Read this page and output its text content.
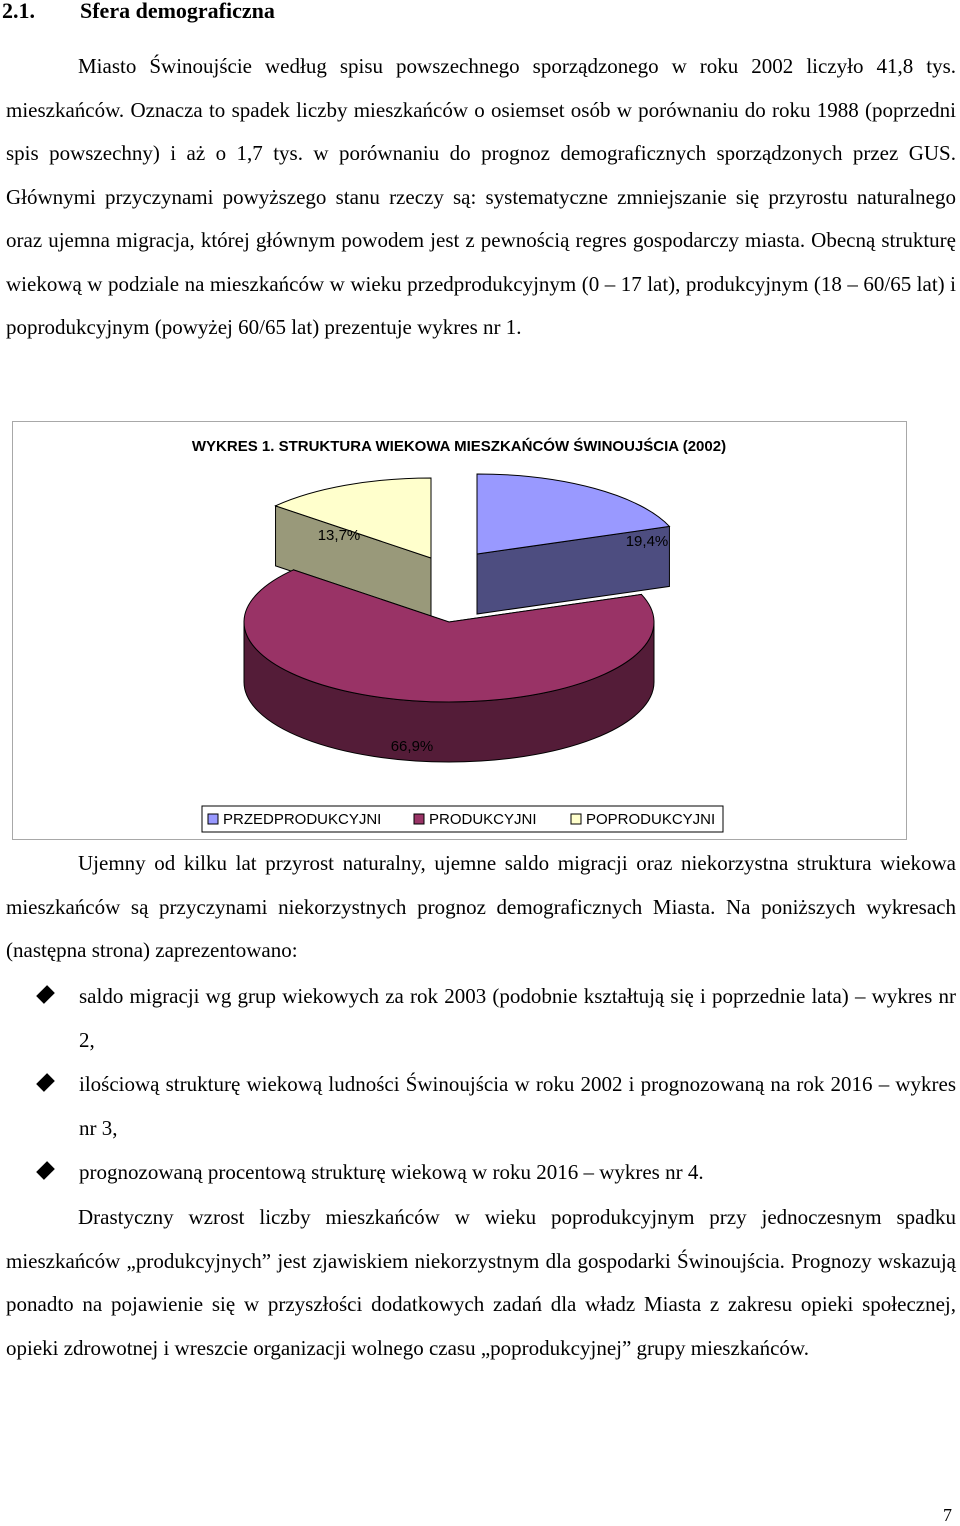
2.1. Sfera demograficzna

Miasto Świnoujście według spisu powszechnego sporządzonego w roku 2002 liczyło 41,8 tys. mieszkańców. Oznacza to spadek liczby mieszkańców o osiemset osób w porównaniu do roku 1988 (poprzedni spis powszechny) i aż o 1,7 tys. w porównaniu do prognoz demograficznych sporządzonych przez GUS. Głównymi przyczynami powyższego stanu rzeczy są: systematyczne zmniejszanie się przyrostu naturalnego oraz ujemna migracja, której głównym powodem jest z pewnością regres gospodarczy miasta. Obecną strukturę wiekową w podziale na mieszkańców w wieku przedprodukcyjnym (0 – 17 lat), produkcyjnym (18 – 60/65 lat) i poprodukcyjnym (powyżej 60/65 lat) prezentuje wykres nr 1.

WYKRES 1. STRUKTURA WIEKOWA MIESZKAŃCÓW ŚWINOUJŚCIA (2002)
19,4%
66,9%
13,7%
PRZEDPRODUKCYJNI	PRODUKCYJNI	POPRODUKCYJNI

Ujemny od kilku lat przyrost naturalny, ujemne saldo migracji oraz niekorzystna struktura wiekowa mieszkańców są przyczynami niekorzystnych prognoz demograficznych Miasta. Na poniższych wykresach (następna strona) zaprezentowano:

saldo migracji wg grup wiekowych za rok 2003 (podobnie kształtują się i poprzednie lata) – wykres nr 2,
ilościową strukturę wiekową ludności Świnoujścia w roku 2002 i prognozowaną na rok 2016 – wykres nr 3,
prognozowaną procentową strukturę wiekową w roku 2016 – wykres nr 4.

Drastyczny wzrost liczby mieszkańców w wieku poprodukcyjnym przy jednoczesnym spadku mieszkańców „produkcyjnych” jest zjawiskiem niekorzystnym dla gospodarki Świnoujścia. Prognozy wskazują ponadto na pojawienie się w przyszłości dodatkowych zadań dla władz Miasta z zakresu opieki społecznej, opieki zdrowotnej i wreszcie organizacji wolnego czasu „poprodukcyjnej” grupy mieszkańców.

7
